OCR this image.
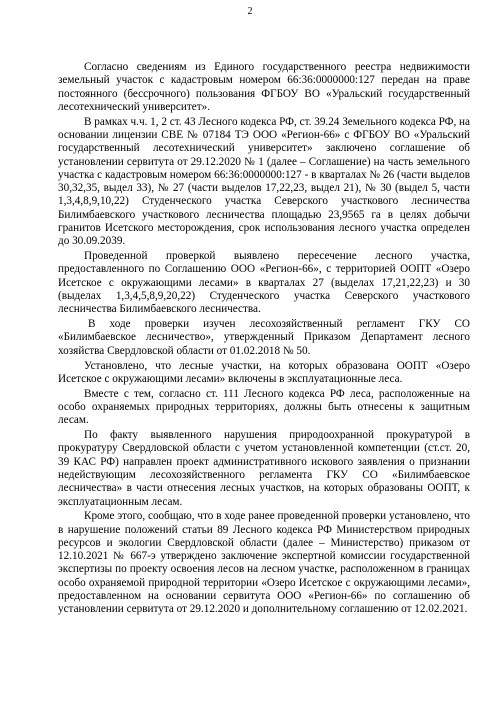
2

Согласно сведениям из Единого государственного реестра недвижимости земельный участок с кадастровым номером 66:36:0000000:127 передан на праве постоянного (бессрочного) пользования ФГБОУ ВО «Уральский государственный лесотехнический университет».

В рамках ч.ч. 1, 2 ст. 43 Лесного кодекса РФ, ст. 39.24 Земельного кодекса РФ, на основании лицензии СВЕ № 07184 ТЭ ООО «Регион-66» с ФГБОУ ВО «Уральский государственный лесотехнический университет» заключено соглашение об установлении сервитута от 29.12.2020 № 1 (далее – Соглашение) на часть земельного участка с кадастровым номером 66:36:0000000:127 - в кварталах № 26 (части выделов 30,32,35, выдел 33), № 27 (части выделов 17,22,23, выдел 21), № 30 (выдел 5, части 1,3,4,8,9,10,22) Студенческого участка Северского участкового лесничества Билимбаевского участкового лесничества площадью 23,9565 га в целях добычи гранитов Исетского месторождения, срок использования лесного участка определен до 30.09.2039.

Проведенной проверкой выявлено пересечение лесного участка, предоставленного по Соглашению ООО «Регион-66», с территорией ООПТ «Озеро Исетское с окружающими лесами» в кварталах 27 (выделах 17,21,22,23) и 30 (выделах 1,3,4,5,8,9,20,22) Студенческого участка Северского участкового лесничества Билимбаевского лесничества.

В ходе проверки изучен лесохозяйственный регламент ГКУ СО «Билимбаевское лесничество», утвержденный Приказом Департамент лесного хозяйства Свердловской области от 01.02.2018 № 50.

Установлено, что лесные участки, на которых образована ООПТ «Озеро Исетское с окружающими лесами» включены в эксплуатационные леса.

Вместе с тем, согласно ст. 111 Лесного кодекса РФ леса, расположенные на особо охраняемых природных территориях, должны быть отнесены к защитным лесам.

По факту выявленного нарушения природоохранной прокуратурой в прокуратуру Свердловской области с учетом установленной компетенции (ст.ст. 20, 39 КАС РФ) направлен проект административного искового заявления о признании недействующим лесохозяйственного регламента ГКУ СО «Билимбаевское лесничества» в части отнесения лесных участков, на которых образованы ООПТ, к эксплуатационным лесам.

Кроме этого, сообщаю, что в ходе ранее проведенной проверки установлено, что в нарушение положений статьи 89 Лесного кодекса РФ Министерством природных ресурсов и экологии Свердловской области (далее – Министерство) приказом от 12.10.2021 № 667-э утверждено заключение экспертной комиссии государственной экспертизы по проекту освоения лесов на лесном участке, расположенном в границах особо охраняемой природной территории «Озеро Исетское с окружающими лесами», предоставленном на основании сервитута ООО «Регион-66» по соглашению об установлении сервитута от 29.12.2020 и дополнительному соглашению от 12.02.2021.
